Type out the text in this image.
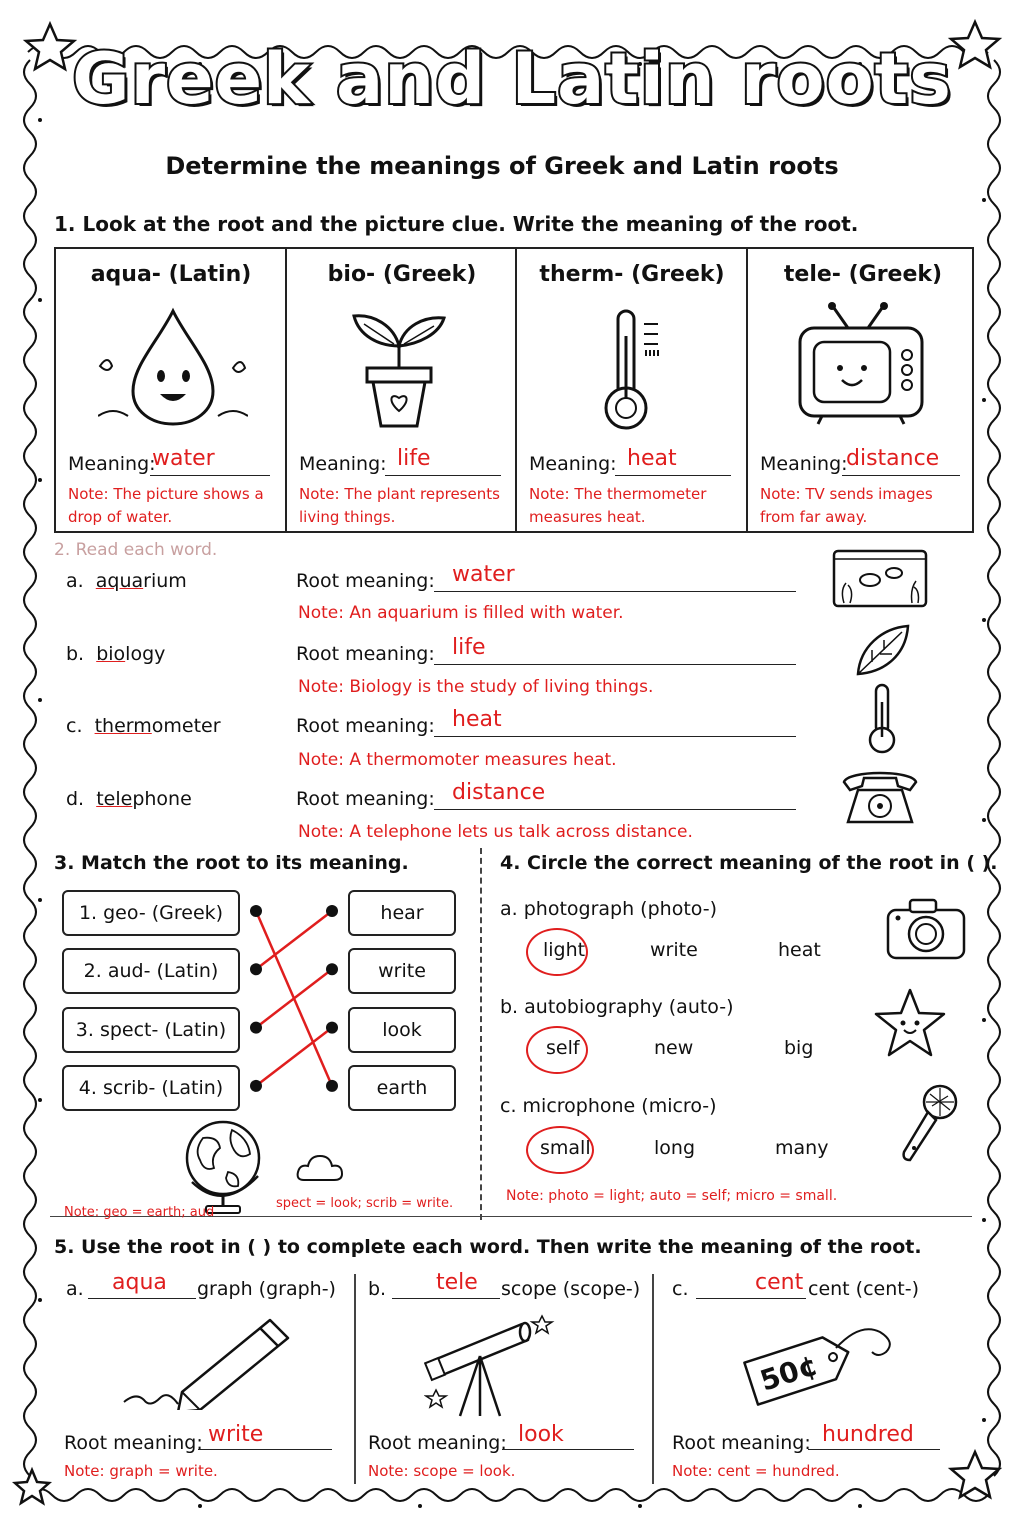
Greek and Latin roots
Determine the meanings of Greek and Latin roots
1. Look at the root and the picture clue. Write the meaning of the root.
aqua- (Latin)
Meaning:
water
Note: The picture shows a drop of water.
bio- (Greek)
Meaning: life
Note: The plant represents living things.
therm- (Greek)
Meaning: heat
Note: The thermometer measures heat.
tele- (Greek)
Meaning:
distance
Note: TV sends images from far away.
2. Read each word.
a. aquarium	Root meaning: water
Note: An aquarium is filled with water.
b. biology	Root meaning: life
Note: Biology is the study of living things.
c. thermometer	Root meaning: heat
Note: A thermomoter measures heat.
d. telephone	Root meaning: distance
Note: A telephone lets us talk across distance.
3. Match the root to its meaning.
1. geo- (Greek)
2. aud- (Latin)
3. spect- (Latin)
4. scrib- (Latin)
hear
write
look
earth
Note: geo = earth; aud
spect = look; scrib = write.
4. Circle the correct meaning of the root in ( ).
a. photograph (photo-)
light	write	heat
b. autobiography (auto-)
self	new	big
c. microphone (micro-)
small	long	many
Note: photo = light; auto = self; micro = small.
5. Use the root in ( ) to complete each word. Then write the meaning of the root.
a. aqua graph (graph-)
Root meaning: write
Note: graph = write.
b. tele scope (scope-)
Root meaning: look
Note: scope = look.
c.	cent cent (cent-)
50¢
Root meaning: hundred
Note: cent = hundred.
